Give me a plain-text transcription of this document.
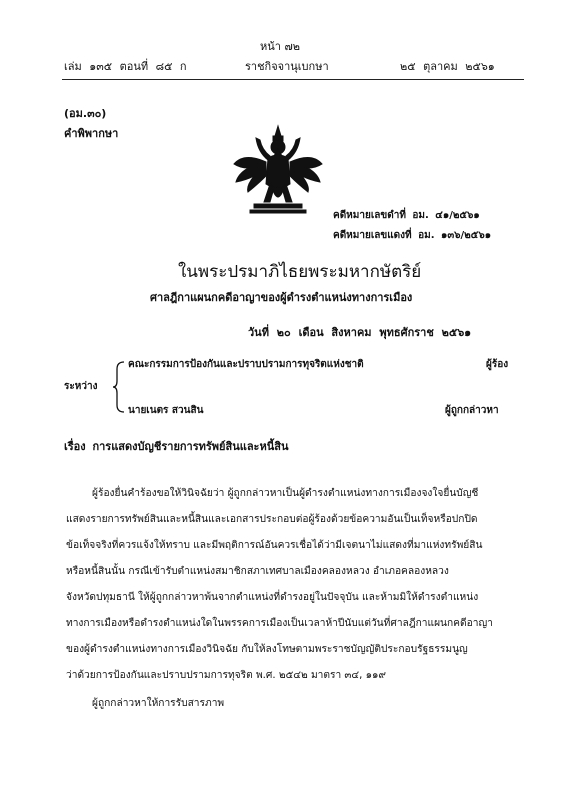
หน้า ๗๒
เล่ม ๑๓๕ ตอนที่ ๘๕ ก	ราชกิจจานุเบกษา	๒๕ ตุลาคม ๒๕๖๑
(อม.๓๐)
คำพิพากษา
คดีหมายเลขดำที่ อม. ๔๑/๒๕๖๑
คดีหมายเลขแดงที่ อม. ๑๓๖/๒๕๖๑
ในพระปรมาภิไธยพระมหากษัตริย์
ศาลฎีกาแผนกคดีอาญาของผู้ดำรงตำแหน่งทางการเมือง
วันที่ ๒๐ เดือน สิงหาคม พุทธศักราช ๒๕๖๑
คณะกรรมการป้องกันและปราบปรามการทุจริตแห่งชาติ	ผู้ร้อง
ระหว่าง
นายเนตร สวนสิน	ผู้ถูกกล่าวหา
เรื่อง การแสดงบัญชีรายการทรัพย์สินและหนี้สิน
ผู้ร้องยื่นคำร้องขอให้วินิจฉัยว่า ผู้ถูกกล่าวหาเป็นผู้ดำรงตำแหน่งทางการเมืองจงใจยื่นบัญชี
แสดงรายการทรัพย์สินและหนี้สินและเอกสารประกอบต่อผู้ร้องด้วยข้อความอันเป็นเท็จหรือปกปิด
ข้อเท็จจริงที่ควรแจ้งให้ทราบ และมีพฤติการณ์อันควรเชื่อได้ว่ามีเจตนาไม่แสดงที่มาแห่งทรัพย์สิน
หรือหนี้สินนั้น กรณีเข้ารับตำแหน่งสมาชิกสภาเทศบาลเมืองคลองหลวง อำเภอคลองหลวง
จังหวัดปทุมธานี ให้ผู้ถูกกล่าวหาพ้นจากตำแหน่งที่ดำรงอยู่ในปัจจุบัน และห้ามมิให้ดำรงตำแหน่ง
ทางการเมืองหรือดำรงตำแหน่งใดในพรรคการเมืองเป็นเวลาห้าปีนับแต่วันที่ศาลฎีกาแผนกคดีอาญา
ของผู้ดำรงตำแหน่งทางการเมืองวินิจฉัย กับให้ลงโทษตามพระราชบัญญัติประกอบรัฐธรรมนูญ
ว่าด้วยการป้องกันและปราบปรามการทุจริต พ.ศ. ๒๕๔๒ มาตรา ๓๔, ๑๑๙
ผู้ถูกกล่าวหาให้การรับสารภาพ
